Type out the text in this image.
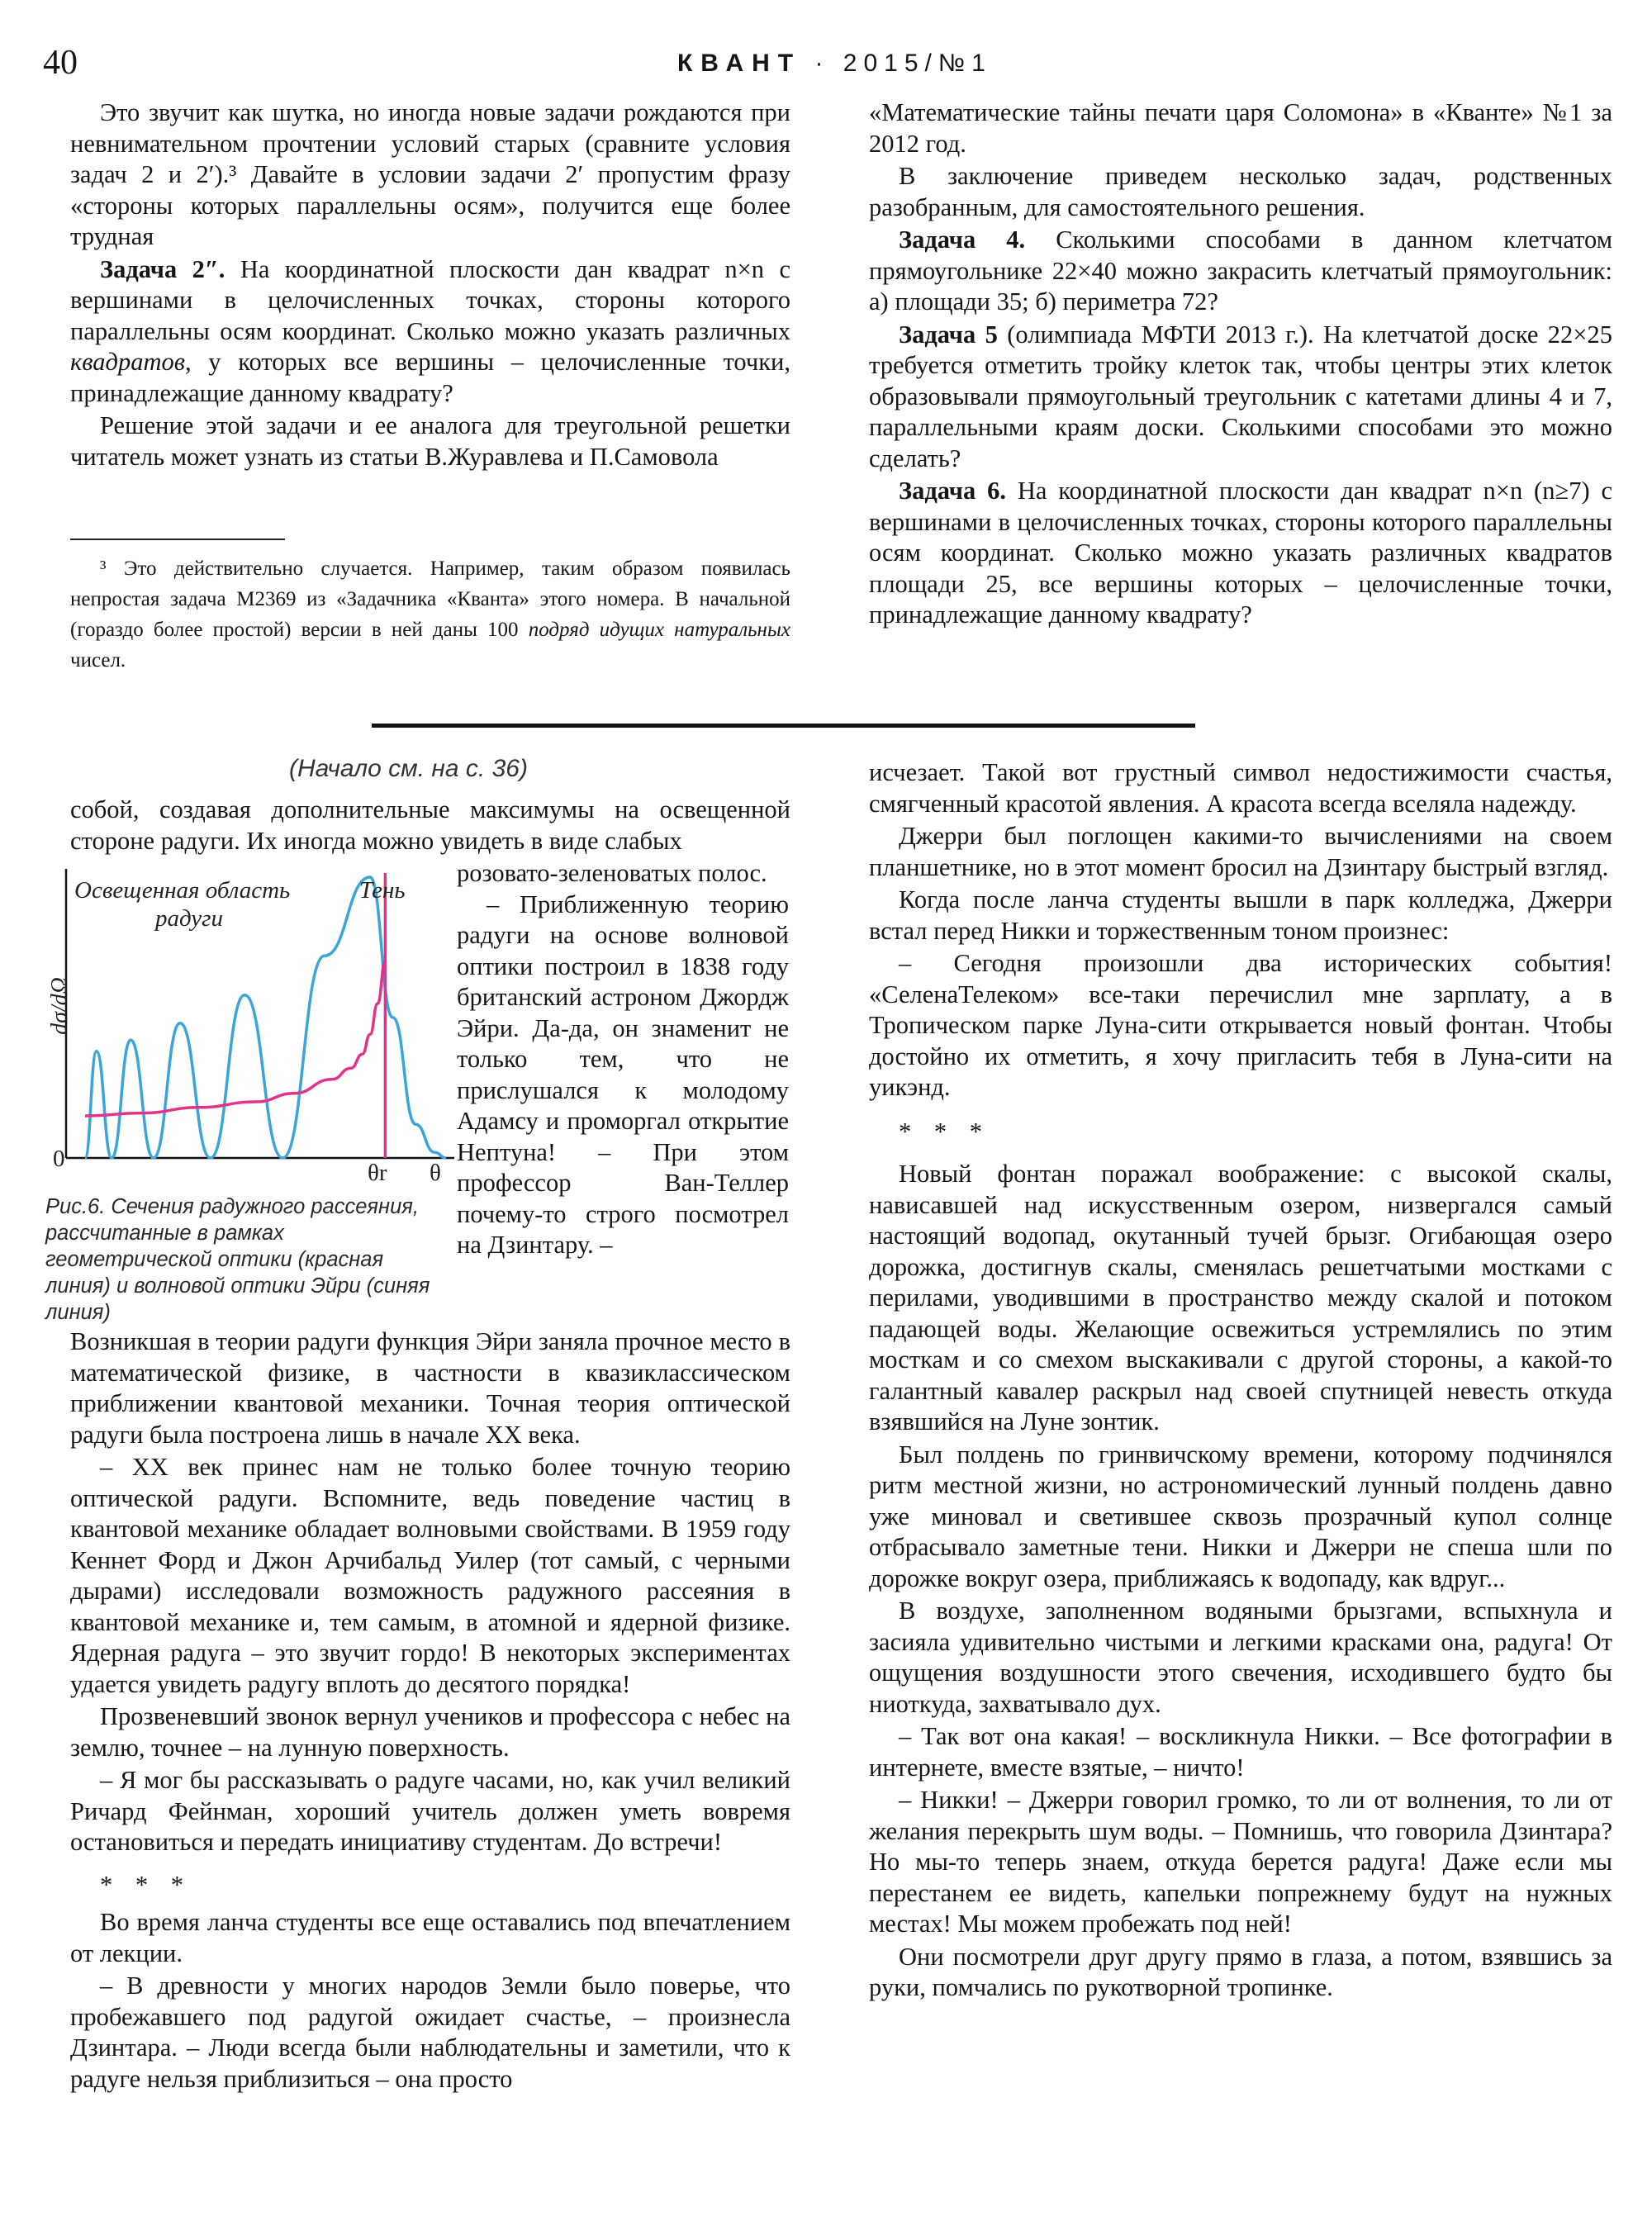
40	КВАНТ · 2015/№1

Это звучит как шутка, но иногда новые задачи рождаются при невнимательном прочтении условий старых (сравните условия задач 2 и 2′).³ Давайте в условии задачи 2′ пропустим фразу «стороны которых параллельны осям», получится еще более трудная

Задача 2″. На координатной плоскости дан квадрат n×n с вершинами в целочисленных точках, стороны которого параллельны осям координат. Сколько можно указать различных квадратов, у которых все вершины – целочисленные точки, принадлежащие данному квадрату?

Решение этой задачи и ее аналога для треугольной решетки читатель может узнать из статьи В.Журавлева и П.Самовола

³ Это действительно случается. Например, таким образом появилась непростая задача М2369 из «Задачника «Кванта» этого номера. В начальной (гораздо более простой) версии в ней даны 100 подряд идущих натуральных чисел.

«Математические тайны печати царя Соломона» в «Кванте» №1 за 2012 год.

В заключение приведем несколько задач, родственных разобранным, для самостоятельного решения.

Задача 4. Сколькими способами в данном клетчатом прямоугольнике 22×40 можно закрасить клетчатый прямоугольник: а) площади 35; б) периметра 72?

Задача 5 (олимпиада МФТИ 2013 г.). На клетчатой доске 22×25 требуется отметить тройку клеток так, чтобы центры этих клеток образовывали прямоугольный треугольник с катетами длины 4 и 7, параллельными краям доски. Сколькими способами это можно сделать?

Задача 6. На координатной плоскости дан квадрат n×n (n≥7) с вершинами в целочисленных точках, стороны которого параллельны осям координат. Сколько можно указать различных квадратов площади 25, все вершины которых – целочисленные точки, принадлежащие данному квадрату?

(Начало см. на с. 36)

собой, создавая дополнительные максимумы на освещенной стороне радуги. Их иногда можно увидеть в виде слабых

Освещенная область
радуги
Тень
dσ/dΩ
0
θr θ
Рис.6. Сечения радужного рассеяния, рассчитанные в рамках геометрической оптики (красная линия) и волновой оптики Эйри (синяя линия)

розовато-зеленоватых полос.

– Приближенную теорию радуги на основе волновой оптики построил в 1838 году британский астроном Джордж Эйри. Да-да, он знаменит не только тем, что не прислушался к молодому Адамсу и проморгал открытие Нептуна! – При этом профессор Ван-Теллер почему-то строго посмотрел на Дзинтару. –

Возникшая в теории радуги функция Эйри заняла прочное место в математической физике, в частности в квазиклассическом приближении квантовой механики. Точная теория оптической радуги была построена лишь в начале XX века.

– XX век принес нам не только более точную теорию оптической радуги. Вспомните, ведь поведение частиц в квантовой механике обладает волновыми свойствами. В 1959 году Кеннет Форд и Джон Арчибальд Уилер (тот самый, с черными дырами) исследовали возможность радужного рассеяния в квантовой механике и, тем самым, в атомной и ядерной физике. Ядерная радуга – это звучит гордо! В некоторых экспериментах удается увидеть радугу вплоть до десятого порядка!

Прозвеневший звонок вернул учеников и профессора с небес на землю, точнее – на лунную поверхность.

– Я мог бы рассказывать о радуге часами, но, как учил великий Ричард Фейнман, хороший учитель должен уметь вовремя остановиться и передать инициативу студентам. До встречи!

* * *

Во время ланча студенты все еще оставались под впечатлением от лекции.

– В древности у многих народов Земли было поверье, что пробежавшего под радугой ожидает счастье, – произнесла Дзинтара. – Люди всегда были наблюдательны и заметили, что к радуге нельзя приблизиться – она просто

исчезает. Такой вот грустный символ недостижимости счастья, смягченный красотой явления. А красота всегда вселяла надежду.

Джерри был поглощен какими-то вычислениями на своем планшетнике, но в этот момент бросил на Дзинтару быстрый взгляд.

Когда после ланча студенты вышли в парк колледжа, Джерри встал перед Никки и торжественным тоном произнес:

– Сегодня произошли два исторических события! «СеленаТелеком» все-таки перечислил мне зарплату, а в Тропическом парке Луна-сити открывается новый фонтан. Чтобы достойно их отметить, я хочу пригласить тебя в Луна-сити на уикэнд.

* * *

Новый фонтан поражал воображение: с высокой скалы, нависавшей над искусственным озером, низвергался самый настоящий водопад, окутанный тучей брызг. Огибающая озеро дорожка, достигнув скалы, сменялась решетчатыми мостками с перилами, уводившими в пространство между скалой и потоком падающей воды. Желающие освежиться устремлялись по этим мосткам и со смехом выскакивали с другой стороны, а какой-то галантный кавалер раскрыл над своей спутницей невесть откуда взявшийся на Луне зонтик.

Был полдень по гринвичскому времени, которому подчинялся ритм местной жизни, но астрономический лунный полдень давно уже миновал и светившее сквозь прозрачный купол солнце отбрасывало заметные тени. Никки и Джерри не спеша шли по дорожке вокруг озера, приближаясь к водопаду, как вдруг...

В воздухе, заполненном водяными брызгами, вспыхнула и засияла удивительно чистыми и легкими красками она, радуга! От ощущения воздушности этого свечения, исходившего будто бы ниоткуда, захватывало дух.

– Так вот она какая! – воскликнула Никки. – Все фотографии в интернете, вместе взятые, – ничто!

– Никки! – Джерри говорил громко, то ли от волнения, то ли от желания перекрыть шум воды. – Помнишь, что говорила Дзинтара? Но мы-то теперь знаем, откуда берется радуга! Даже если мы перестанем ее видеть, капельки попрежнему будут на нужных местах! Мы можем пробежать под ней!

Они посмотрели друг другу прямо в глаза, а потом, взявшись за руки, помчались по рукотворной тропинке.
